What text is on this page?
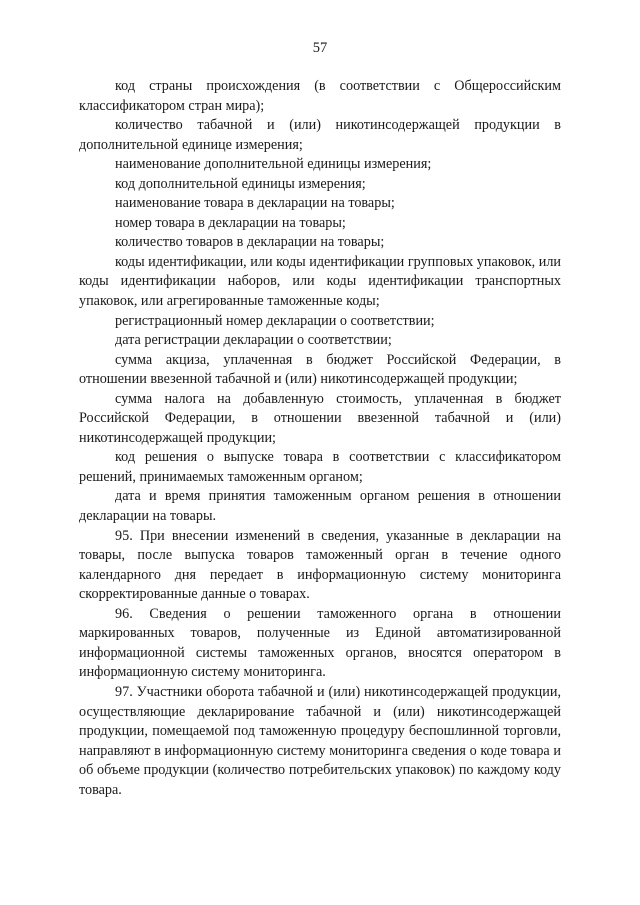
57

код страны происхождения (в соответствии с Общероссийским классификатором стран мира);

количество табачной и (или) никотинсодержащей продукции в дополнительной единице измерения;

наименование дополнительной единицы измерения;

код дополнительной единицы измерения;

наименование товара в декларации на товары;

номер товара в декларации на товары;

количество товаров в декларации на товары;

коды идентификации, или коды идентификации групповых упаковок, или коды идентификации наборов, или коды идентификации транспортных упаковок, или агрегированные таможенные коды;

регистрационный номер декларации о соответствии;

дата регистрации декларации о соответствии;

сумма акциза, уплаченная в бюджет Российской Федерации, в отношении ввезенной табачной и (или) никотинсодержащей продукции;

сумма налога на добавленную стоимость, уплаченная в бюджет Российской Федерации, в отношении ввезенной табачной и (или) никотинсодержащей продукции;

код решения о выпуске товара в соответствии с классификатором решений, принимаемых таможенным органом;

дата и время принятия таможенным органом решения в отношении декларации на товары.

95. При внесении изменений в сведения, указанные в декларации на товары, после выпуска товаров таможенный орган в течение одного календарного дня передает в информационную систему мониторинга скорректированные данные о товарах.

96. Сведения о решении таможенного органа в отношении маркированных товаров, полученные из Единой автоматизированной информационной системы таможенных органов, вносятся оператором в информационную систему мониторинга.

97. Участники оборота табачной и (или) никотинсодержащей продукции, осуществляющие декларирование табачной и (или) никотинсодержащей продукции, помещаемой под таможенную процедуру беспошлинной торговли, направляют в информационную систему мониторинга сведения о коде товара и об объеме продукции (количество потребительских упаковок) по каждому коду товара.
